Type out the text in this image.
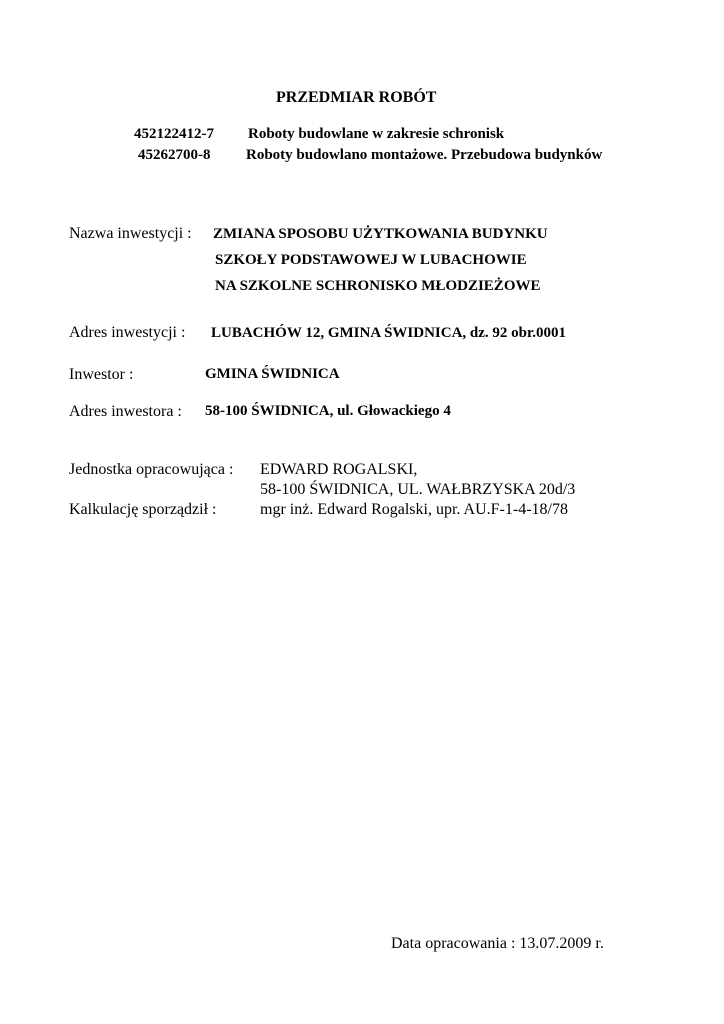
PRZEDMIAR ROBÓT
452122412-7 Roboty budowlane w zakresie schronisk
45262700-8 Roboty budowlano montażowe. Przebudowa budynków
Nazwa inwestycji : ZMIANA SPOSOBU UŻYTKOWANIA BUDYNKU
SZKOŁY PODSTAWOWEJ W LUBACHOWIE
NA SZKOLNE SCHRONISKO MŁODZIEŻOWE
Adres inwestycji : LUBACHÓW 12, GMINA ŚWIDNICA, dz. 92 obr.0001
Inwestor :	GMINA ŚWIDNICA
Adres inwestora : 58-100 ŚWIDNICA, ul. Głowackiego 4
Jednostka opracowująca : EDWARD ROGALSKI,
58-100 ŚWIDNICA, UL. WAŁBRZYSKA 20d/3
Kalkulację sporządził :	mgr inż. Edward Rogalski, upr. AU.F-1-4-18/78
Data opracowania : 13.07.2009 r.
